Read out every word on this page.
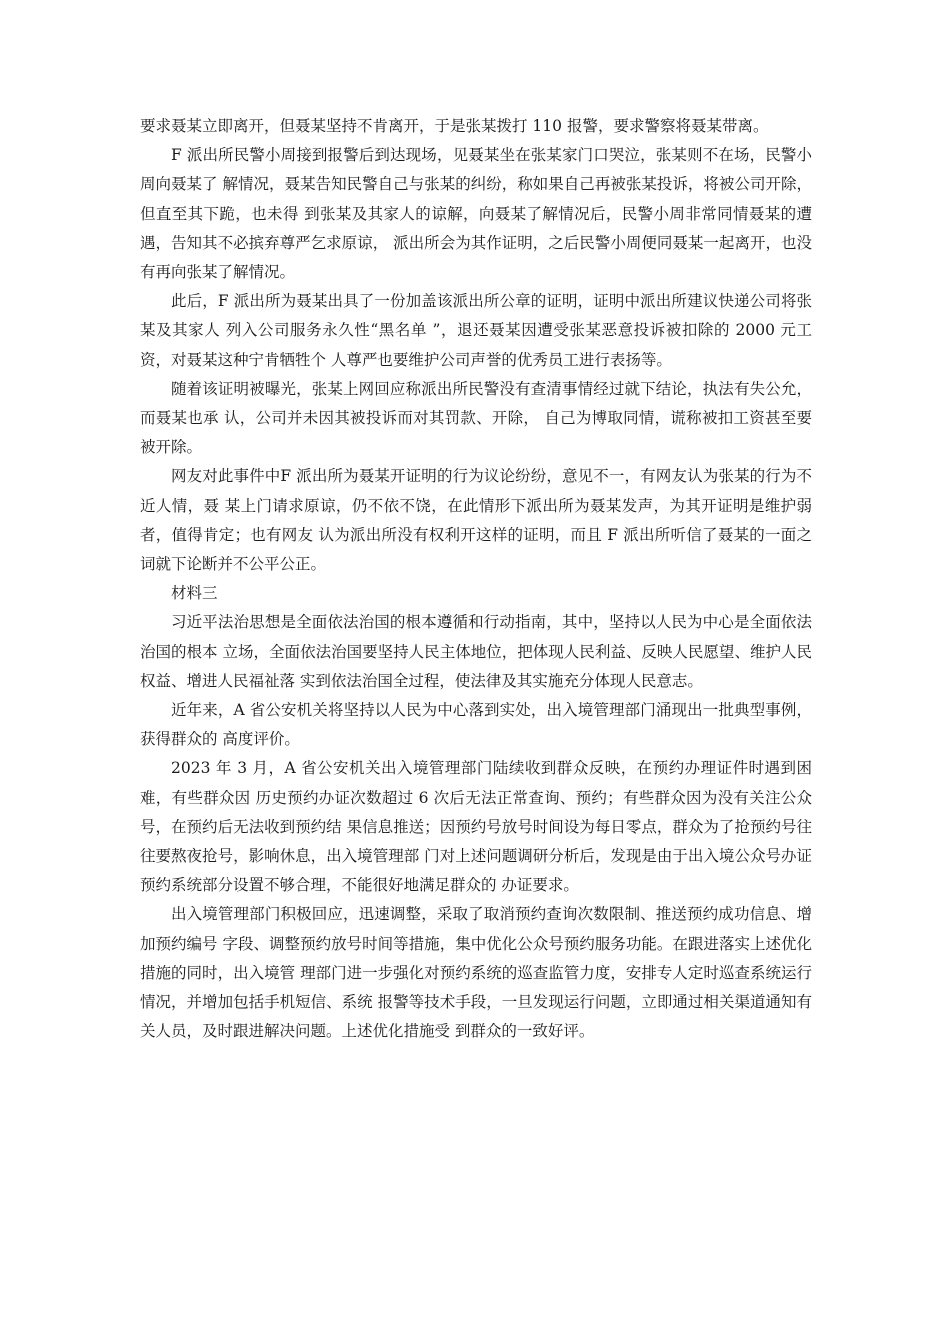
要求聂某立即离开，但聂某坚持不肯离开，于是张某拨打 110 报警，要求警察将聂某带离。

F 派出所民警小周接到报警后到达现场，见聂某坐在张某家门口哭泣，张某则不在场，民警小周向聂某了 解情况，聂某告知民警自己与张某的纠纷，称如果自己再被张某投诉，将被公司开除，但直至其下跪，也未得 到张某及其家人的谅解，向聂某了解情况后，民警小周非常同情聂某的遭遇，告知其不必摈弃尊严乞求原谅， 派出所会为其作证明，之后民警小周便同聂某一起离开，也没有再向张某了解情况。

此后，F 派出所为聂某出具了一份加盖该派出所公章的证明，证明中派出所建议快递公司将张某及其家人 列入公司服务永久性“黑名单 ”，退还聂某因遭受张某恶意投诉被扣除的 2000 元工资，对聂某这种宁肯牺牲个 人尊严也要维护公司声誉的优秀员工进行表扬等。

随着该证明被曝光，张某上网回应称派出所民警没有查清事情经过就下结论，执法有失公允，而聂某也承 认，公司并未因其被投诉而对其罚款、开除， 自己为博取同情，谎称被扣工资甚至要被开除。

网友对此事件中F 派出所为聂某开证明的行为议论纷纷，意见不一，有网友认为张某的行为不近人情，聂 某上门请求原谅，仍不依不饶，在此情形下派出所为聂某发声，为其开证明是维护弱者，值得肯定；也有网友 认为派出所没有权利开这样的证明，而且 F 派出所听信了聂某的一面之词就下论断并不公平公正。

材料三

习近平法治思想是全面依法治国的根本遵循和行动指南，其中，坚持以人民为中心是全面依法治国的根本 立场，全面依法治国要坚持人民主体地位，把体现人民利益、反映人民愿望、维护人民权益、增进人民福祉落 实到依法治国全过程，使法律及其实施充分体现人民意志。

近年来，A 省公安机关将坚持以人民为中心落到实处，出入境管理部门涌现出一批典型事例，获得群众的 高度评价。

2023 年 3 月，A 省公安机关出入境管理部门陆续收到群众反映，在预约办理证件时遇到困难，有些群众因 历史预约办证次数超过 6 次后无法正常查询、预约；有些群众因为没有关注公众号，在预约后无法收到预约结 果信息推送；因预约号放号时间设为每日零点，群众为了抢预约号往往要熬夜抢号，影响休息，出入境管理部 门对上述问题调研分析后，发现是由于出入境公众号办证预约系统部分设置不够合理，不能很好地满足群众的 办证要求。

出入境管理部门积极回应，迅速调整，采取了取消预约查询次数限制、推送预约成功信息、增加预约编号 字段、调整预约放号时间等措施，集中优化公众号预约服务功能。在跟进落实上述优化措施的同时，出入境管 理部门进一步强化对预约系统的巡查监管力度，安排专人定时巡查系统运行情况，并增加包括手机短信、系统 报警等技术手段，一旦发现运行问题，立即通过相关渠道通知有关人员，及时跟进解决问题。上述优化措施受 到群众的一致好评。
